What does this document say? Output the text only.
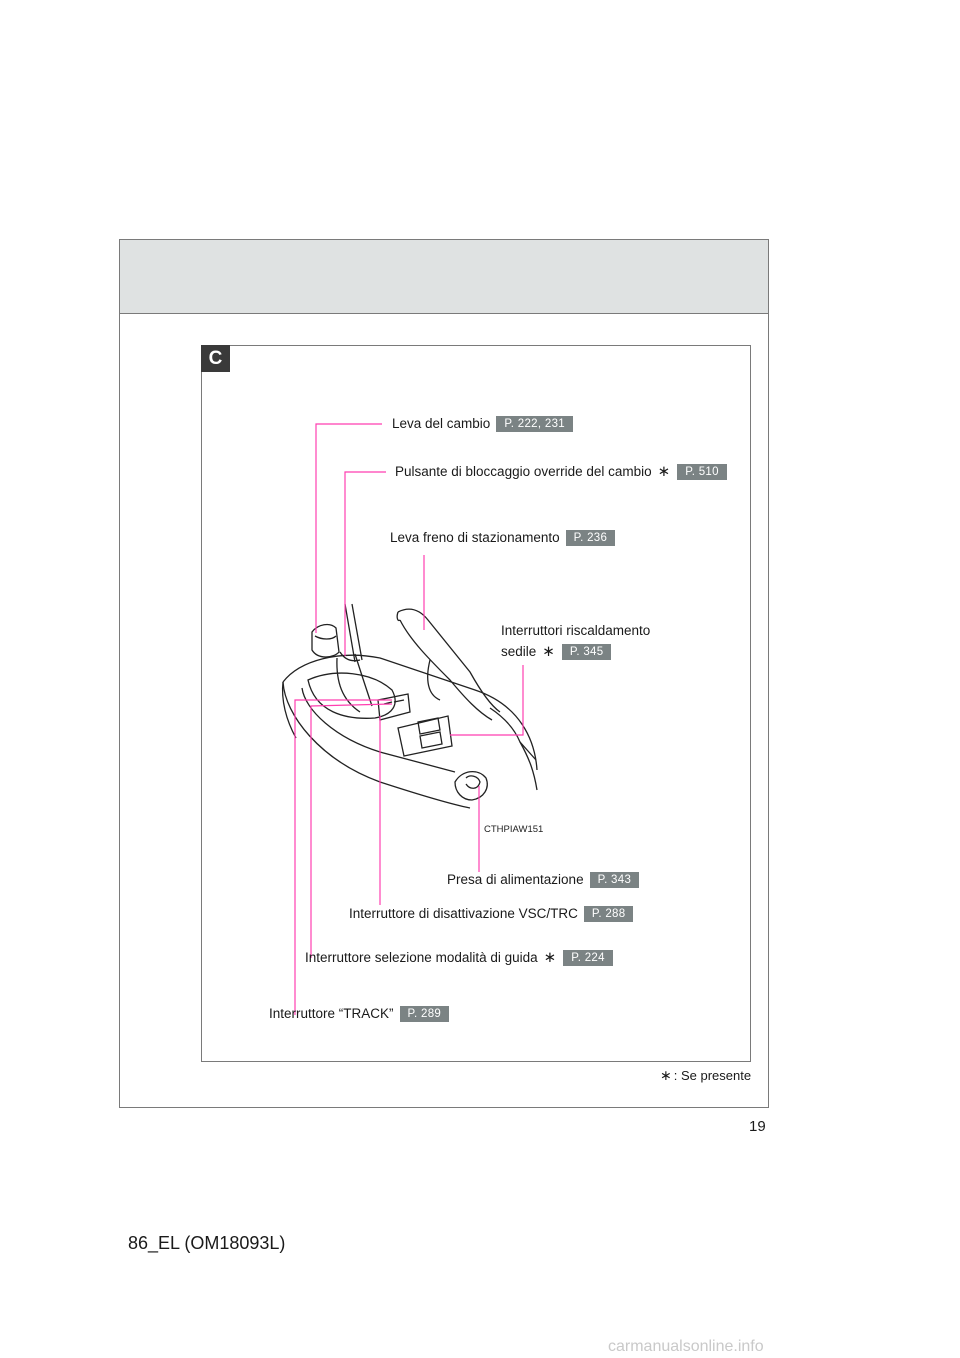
C
CTHPIAW151
Leva del cambio	P. 222, 231
Pulsante di bloccaggio override del cambio ∗	P. 510
Leva freno di stazionamento	P. 236
Interruttori riscaldamento
sedile ∗	P. 345
Presa di alimentazione	P. 343
Interruttore di disattivazione VSC/TRC	P. 288
Interruttore selezione modalità di guida ∗	P. 224
Interruttore “TRACK”	P. 289
∗ : Se presente
19
86_EL (OM18093L)
carmanualsonline.info
